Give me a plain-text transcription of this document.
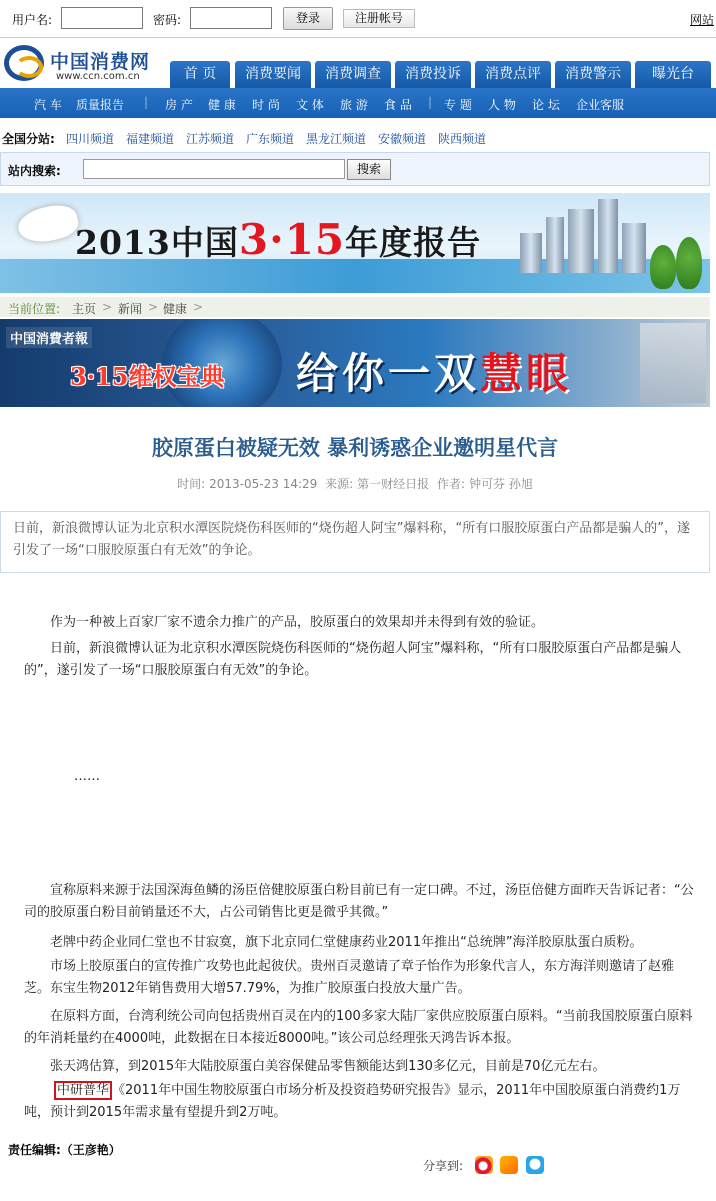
用户名:	密码:	登录	注册帐号	网站
中国消费网
www.ccn.com.cn	首 页	消费要闻	消费调查	消费投诉	消费点评	消费警示	曝光台
汽 车 质量报告 | 房 产 健 康 时 尚 文 体 旅 游 食 品 | 专 题 人 物 论 坛 企业客服
全国分站: 四川频道 福建频道 江苏频道 广东频道 黑龙江频道 安徽频道 陕西频道
站内搜索:	搜索
2013中国3·15年度报告
当前位置: 主页 > 新闻 > 健康 >
中国消費者報
3·15维权宝典 给你一双慧眼
胶原蛋白被疑无效 暴利诱惑企业邀明星代言
时间: 2013-05-23 14:29 来源: 第一财经日报 作者: 钟可芬 孙旭
日前，新浪微博认证为北京积水潭医院烧伤科医师的“烧伤超人阿宝”爆料称，“所有口服胶原蛋白产品都是骗人的”，遂引发了一场“口服胶原蛋白有无效”的争论。

作为一种被上百家厂家不遗余力推广的产品，胶原蛋白的效果却并未得到有效的验证。

日前，新浪微博认证为北京积水潭医院烧伤科医师的“烧伤超人阿宝”爆料称，“所有口服胶原蛋白产品都是骗人的”，遂引发了一场“口服胶原蛋白有无效”的争论。

……

宣称原料来源于法国深海鱼鳞的汤臣倍健胶原蛋白粉目前已有一定口碑。不过，汤臣倍健方面昨天告诉记者：“公司的胶原蛋白粉目前销量还不大，占公司销售比更是微乎其微。”

老牌中药企业同仁堂也不甘寂寞，旗下北京同仁堂健康药业2011年推出“总统牌”海洋胶原肽蛋白质粉。

市场上胶原蛋白的宣传推广攻势也此起彼伏。贵州百灵邀请了章子怡作为形象代言人，东方海洋则邀请了赵雅芝。东宝生物2012年销售费用大增57.79%，为推广胶原蛋白投放大量广告。

在原料方面，台湾利统公司向包括贵州百灵在内的100多家大陆厂家供应胶原蛋白原料。“当前我国胶原蛋白原料的年消耗量约在4000吨，此数据在日本接近8000吨。”该公司总经理张天鸿告诉本报。

张天鸿估算，到2015年大陆胶原蛋白美容保健品零售额能达到130多亿元，目前是70亿元左右。

中研普华 《2011年中国生物胶原蛋白市场分析及投资趋势研究报告》显示，2011年中国胶原蛋白消费约1万吨，预计到2015年需求量有望提升到2万吨。

责任编辑:（王彦艳）
分享到:
